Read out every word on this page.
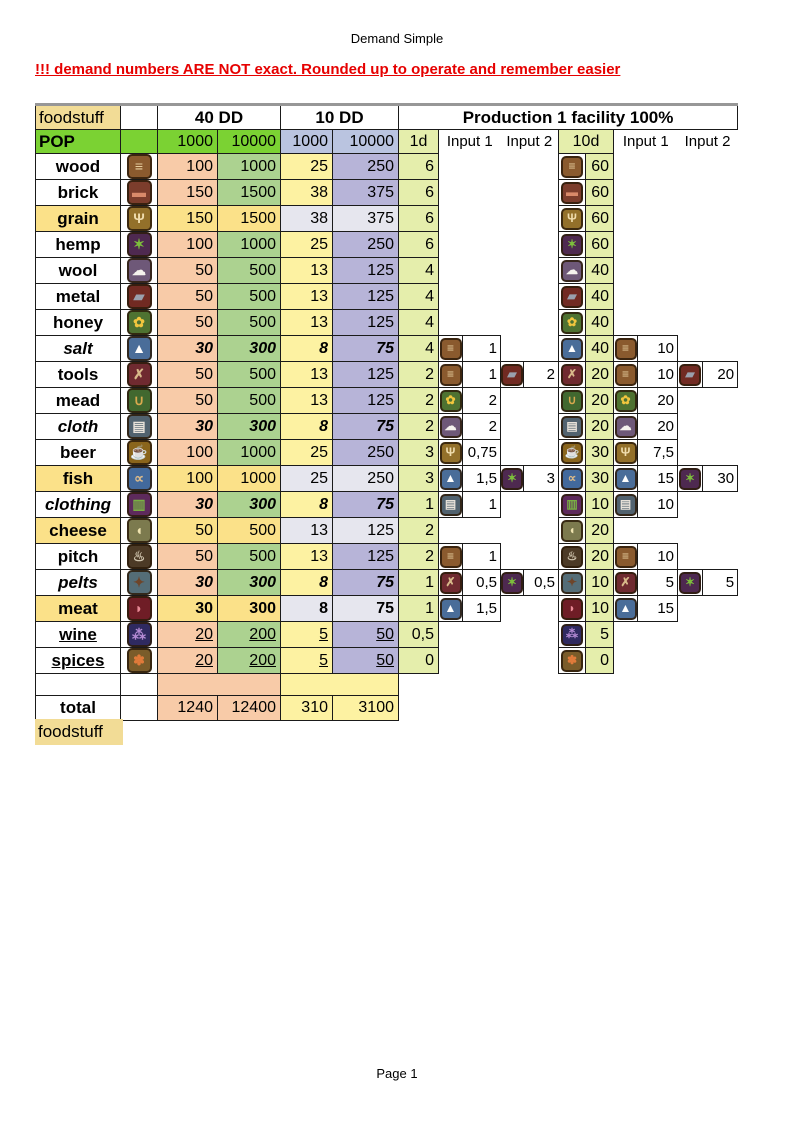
Demand Simple
!!! demand numbers ARE NOT exact. Rounded up to operate and remember easier
foodstuff		40 DD		10 DD		Production 1 facility 100%										
POP		1000	10000	1000	10000	1d	Input 1		Input 2		10d		Input 1		Input 2	
wood	≡	100	1000	25	250	6					≡	60				
brick	▬	150	1500	38	375	6					▬	60				
grain	Ψ	150	1500	38	375	6					Ψ	60				
hemp	✶	100	1000	25	250	6					✶	60				
wool	☁	50	500	13	125	4					☁	40				
metal	▰	50	500	13	125	4					▰	40				
honey	✿	50	500	13	125	4					✿	40				
salt	▲	30	300	8	75	4	≡	1			▲	40	≡	10		
tools	✗	50	500	13	125	2	≡	1	▰	2	✗	20	≡	10	▰	20
mead	∪	50	500	13	125	2	✿	2			∪	20	✿	20		
cloth	▤	30	300	8	75	2	☁	2			▤	20	☁	20		
beer	☕	100	1000	25	250	3	Ψ	0,75			☕	30	Ψ	7,5		
fish	∝	100	1000	25	250	3	▲	1,5	✶	3	∝	30	▲	15	✶	30
clothing	▥	30	300	8	75	1	▤	1			▥	10	▤	10		
cheese	◖	50	500	13	125	2					◖	20				
pitch	♨	50	500	13	125	2	≡	1			♨	20	≡	10		
pelts	✦	30	300	8	75	1	✗	0,5	✶	0,5	✦	10	✗	5	✶	5
meat	◗	30	300	8	75	1	▲	1,5			◗	10	▲	15		
wine	⁂	20	200	5	50	0,5					⁂	5				
spices	✽	20	200	5	50	0					✽	0				

total		1240	12400	310	3100											
foodstuff
Page 1
